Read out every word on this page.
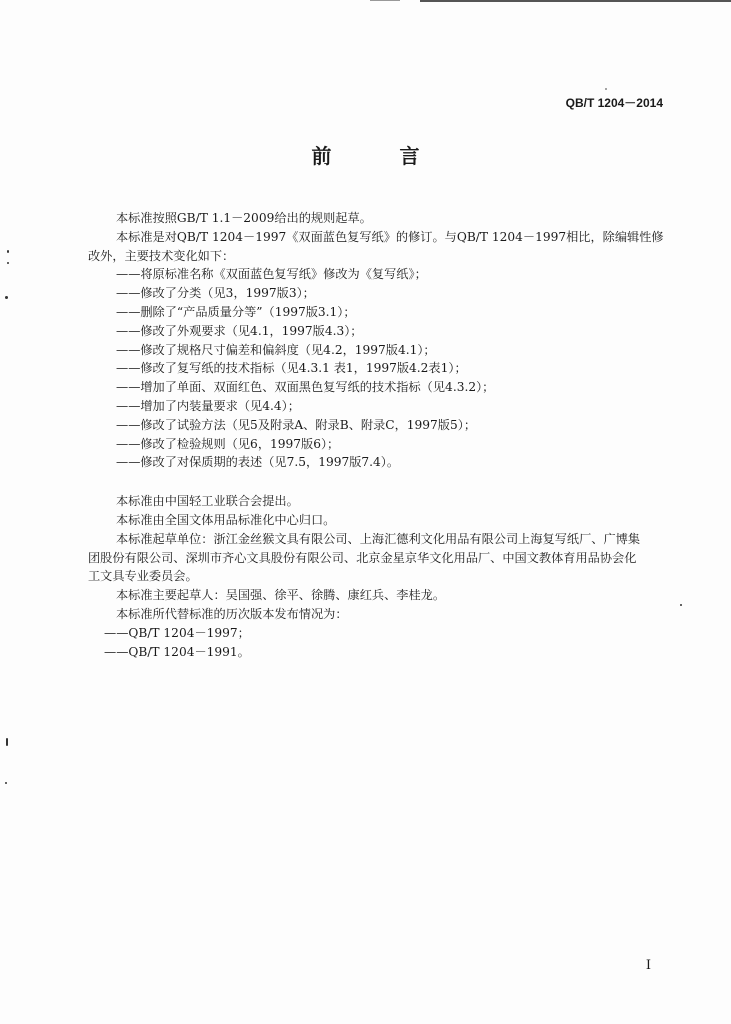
QB/T 1204－2014
前　言

本标准按照GB/T 1.1－2009给出的规则起草。

本标准是对QB/T 1204－1997《双面蓝色复写纸》的修订。与QB/T 1204－1997相比，除编辑性修

改外，主要技术变化如下：

——将原标准名称《双面蓝色复写纸》修改为《复写纸》；

——修改了分类（见3，1997版3）；

——删除了“产品质量分等”（1997版3.1）；

——修改了外观要求（见4.1，1997版4.3）；

——修改了规格尺寸偏差和偏斜度（见4.2，1997版4.1）；

——修改了复写纸的技术指标（见4.3.1 表1，1997版4.2表1）；

——增加了单面、双面红色、双面黑色复写纸的技术指标（见4.3.2）；

——增加了内装量要求（见4.4）；

——修改了试验方法（见5及附录A、附录B、附录C，1997版5）；

——修改了检验规则（见6，1997版6）；

——修改了对保质期的表述（见7.5，1997版7.4）。

本标准由中国轻工业联合会提出。

本标准由全国文体用品标准化中心归口。

本标准起草单位：浙江金丝猴文具有限公司、上海汇德利文化用品有限公司上海复写纸厂、广博集

团股份有限公司、深圳市齐心文具股份有限公司、北京金星京华文化用品厂、中国文教体育用品协会化

工文具专业委员会。

本标准主要起草人：吴国强、徐平、徐腾、康红兵、李桂龙。

本标准所代替标准的历次版本发布情况为：

——QB/T 1204－1997；

——QB/T 1204－1991。

I
